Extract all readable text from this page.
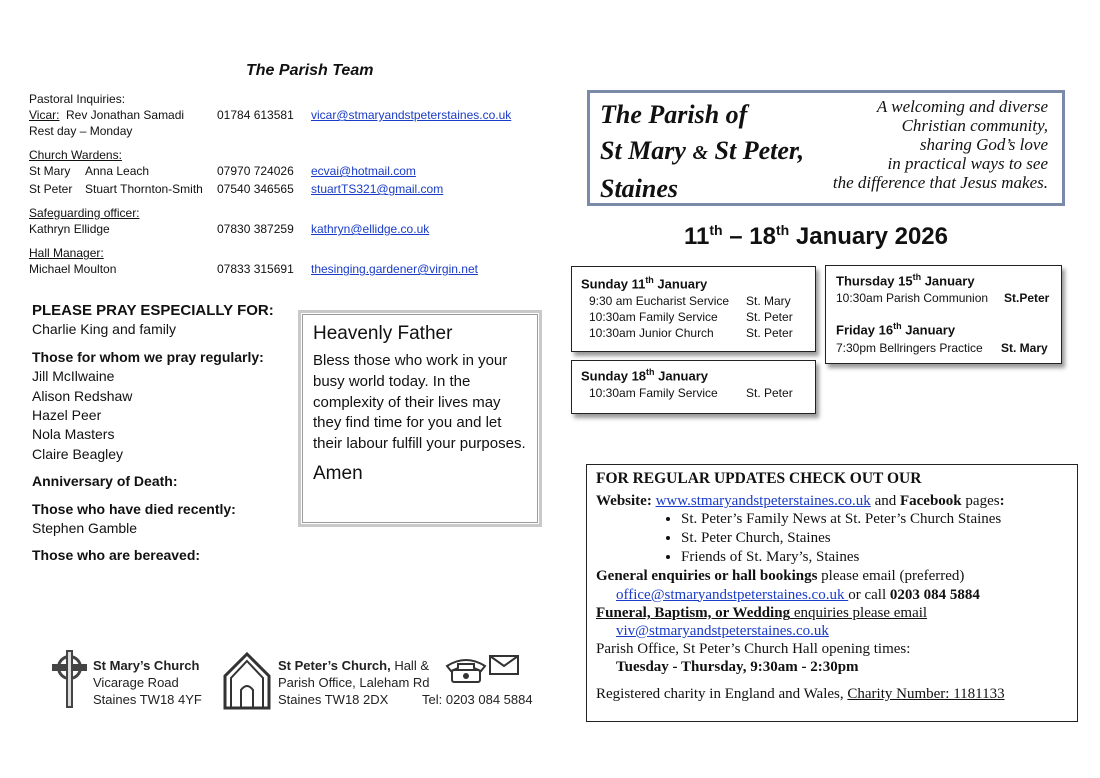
The Parish Team
Pastoral Inquiries:
Vicar: Rev Jonathan Samadi	01784 613581 vicar@stmaryandstpeterstaines.co.uk
Rest day – Monday
Church Wardens:
St Mary Anna Leach	07970 724026 ecvai@hotmail.com
St Peter Stuart Thornton-Smith 07540 346565 stuartTS321@gmail.com
Safeguarding officer:
Kathryn Ellidge	07830 387259 kathryn@ellidge.co.uk
Hall Manager:
Michael Moulton	07833 315691 thesinging.gardener@virgin.net
PLEASE PRAY ESPECIALLY FOR:
Charlie King and family
Those for whom we pray regularly:
Jill McIlwaine
Alison Redshaw
Hazel Peer
Nola Masters
Claire Beagley
Anniversary of Death:
Those who have died recently:
Stephen Gamble
Those who are bereaved:
Heavenly Father
Bless those who work in your busy world today. In the complexity of their lives may they find time for you and let their labour fulfill your purposes.
Amen
St Mary’s Church
Vicarage Road
Staines TW18 4YF
St Peter’s Church, Hall &
Parish Office, Laleham Rd
Staines TW18 2DX	Tel: 0203 084 5884
The Parish of
St Mary & St Peter,
Staines
A welcoming and diverse
Christian community,
sharing God’s love
in practical ways to see
the difference that Jesus makes.
11th – 18th January 2026
Sunday 11th January
9:30 am Eucharist Service St. Mary
10:30am Family Service St. Peter
10:30am Junior Church	St. Peter
Sunday 18th January
10:30am Family Service St. Peter
Thursday 15th January
10:30am Parish Communion St.Peter
Friday 16th January
7:30pm Bellringers Practice St. Mary
FOR REGULAR UPDATES CHECK OUT OUR
Website: www.stmaryandstpeterstaines.co.uk and Facebook pages:
• St. Peter’s Family News at St. Peter’s Church Staines
• St. Peter Church, Staines
• Friends of St. Mary’s, Staines
General enquiries or hall bookings please email (preferred)
office@stmaryandstpeterstaines.co.uk or call 0203 084 5884
Funeral, Baptism, or Wedding enquiries please email
viv@stmaryandstpeterstaines.co.uk
Parish Office, St Peter’s Church Hall opening times:
Tuesday - Thursday, 9:30am - 2:30pm
Registered charity in England and Wales, Charity Number: 1181133
